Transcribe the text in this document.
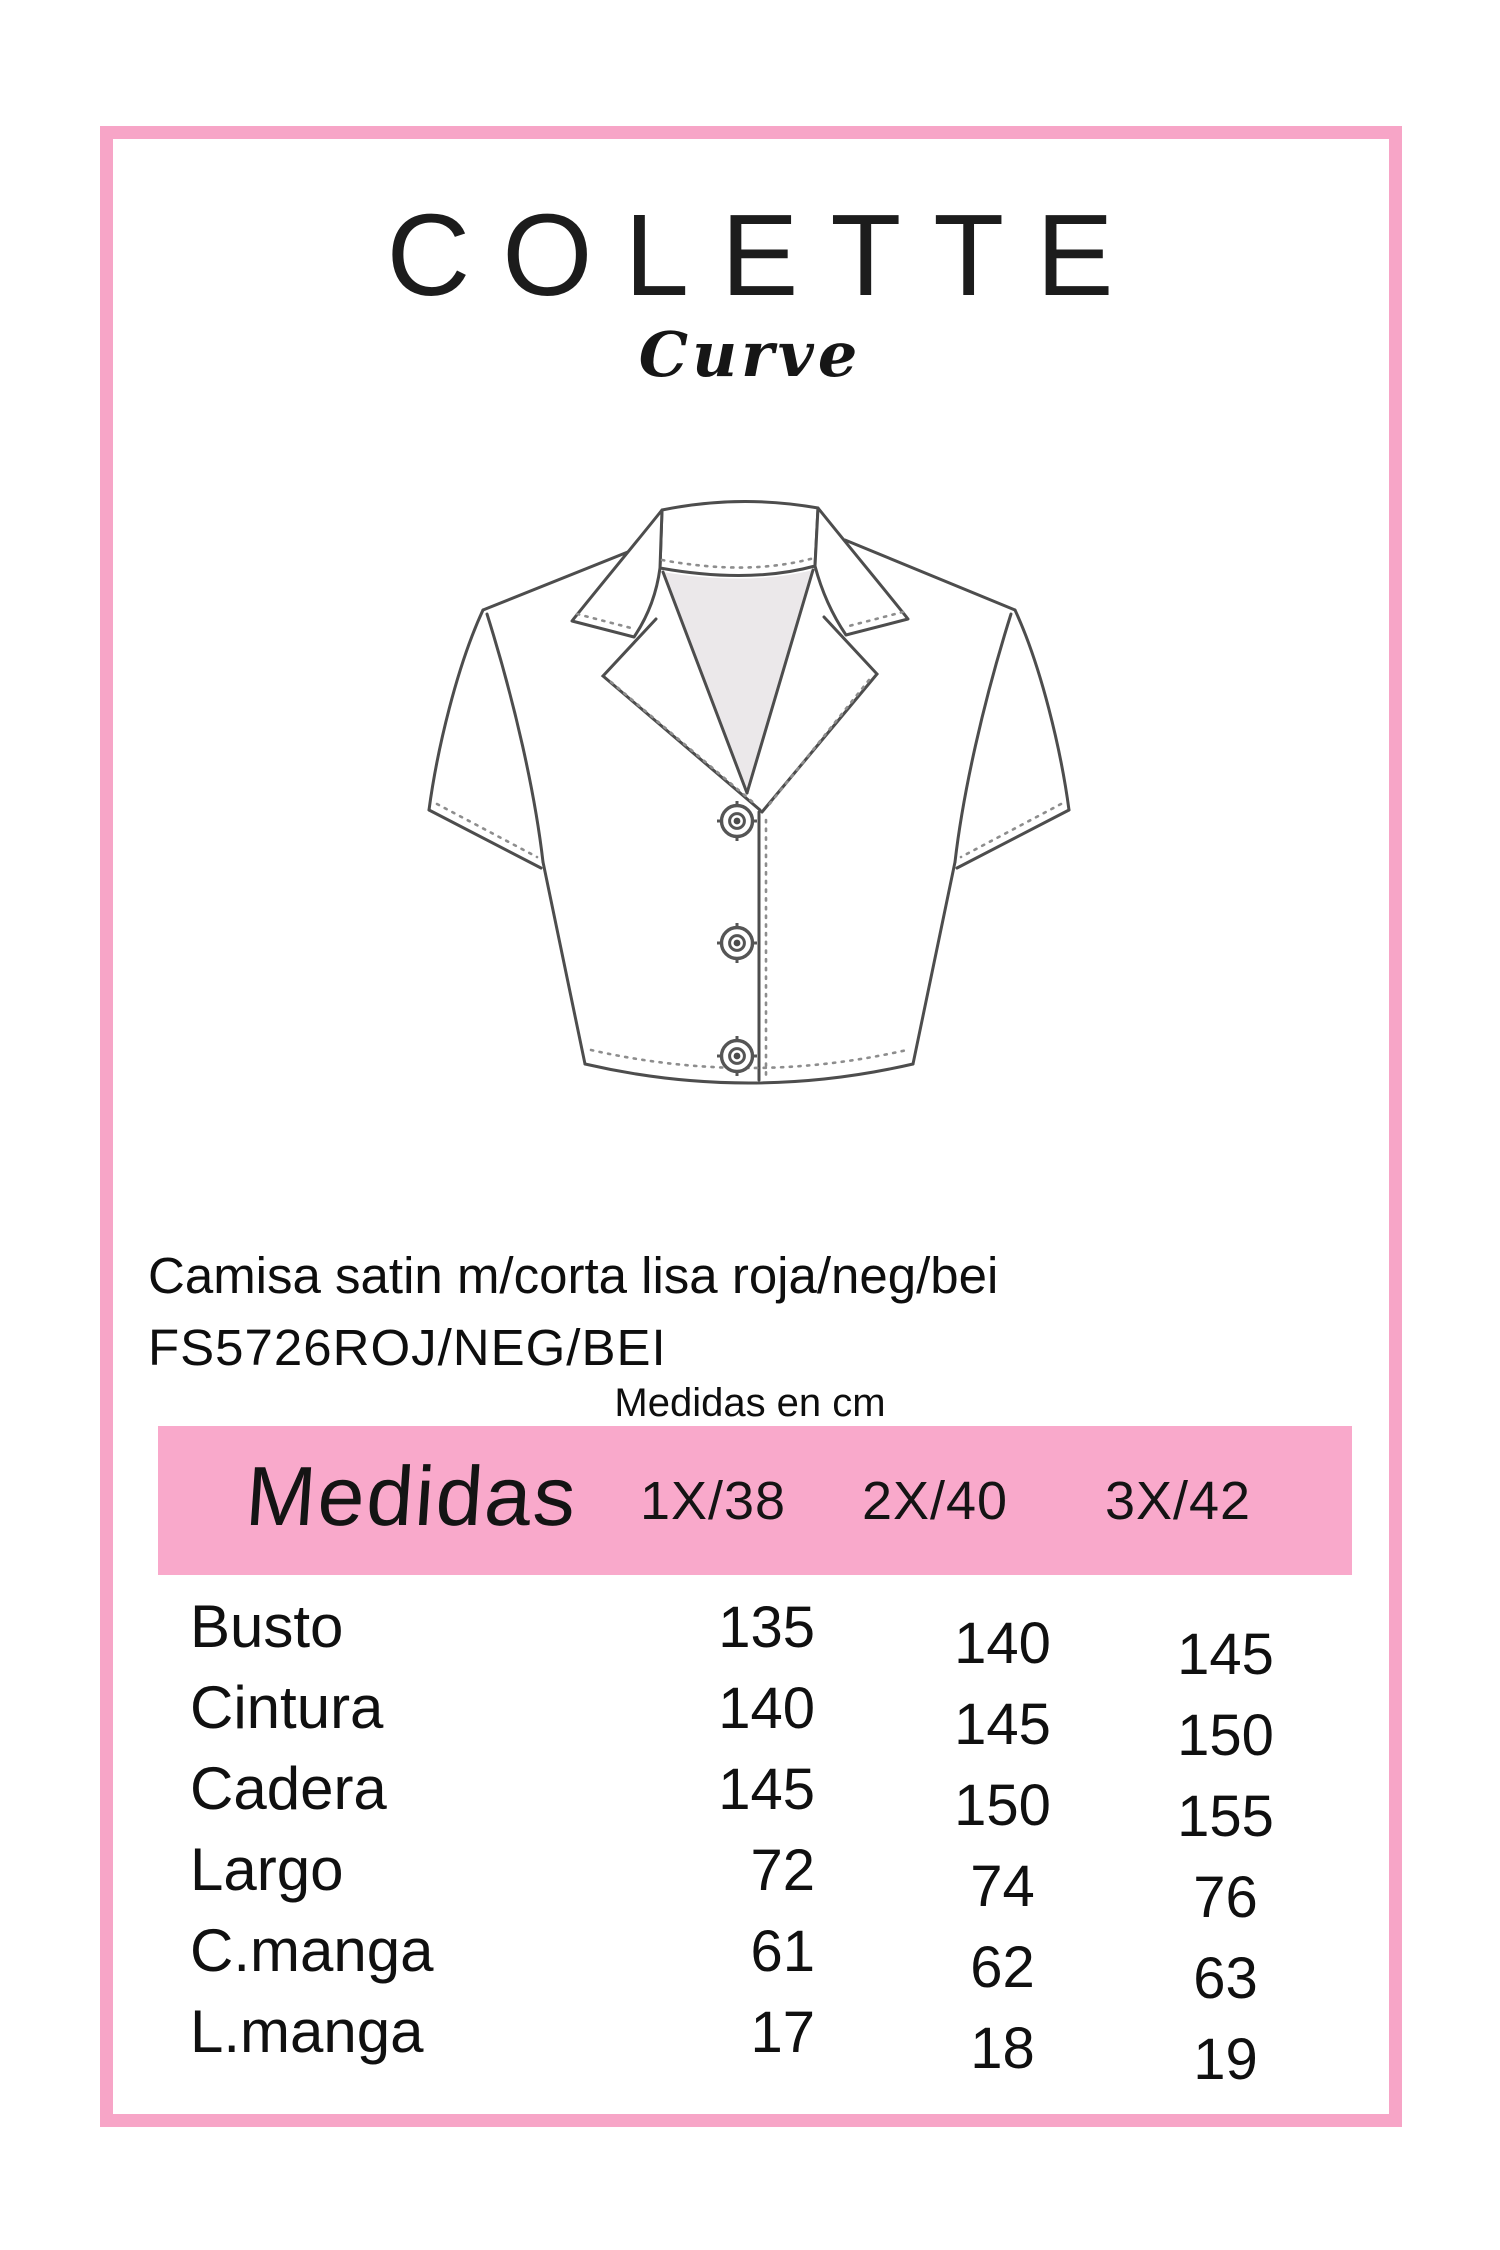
COLETTE
Curve
Camisa satin m/corta lisa roja/neg/bei
FS5726ROJ/NEG/BEI
Medidas en cm
Medidas 1X/38 2X/40 3X/42
Busto	135	140	145
Cintura	140	145	150
Cadera	145	150	155
Largo	72	74	76
C.manga	61	62	63
L.manga	17	18	19
